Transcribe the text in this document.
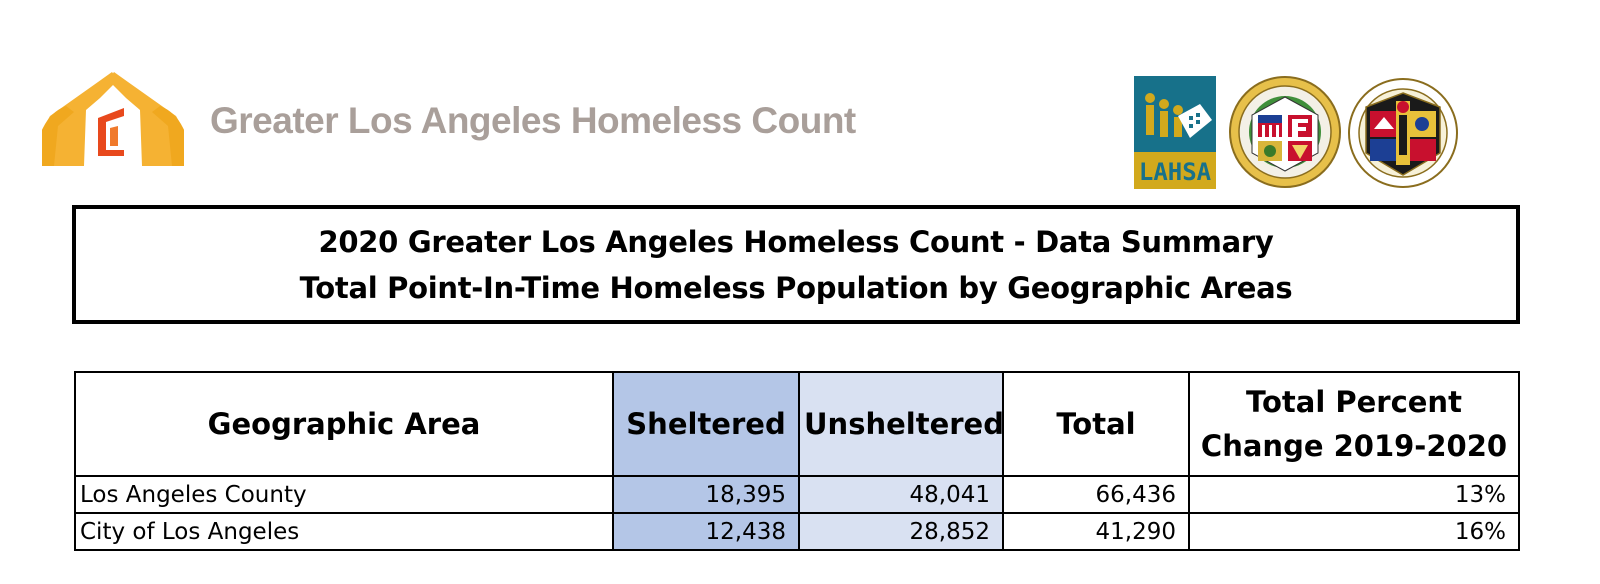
Greater Los Angeles Homeless Count
LAHSA
2020 Greater Los Angeles Homeless Count - Data Summary
Total Point-In-Time Homeless Population by Geographic Areas
Geographic Area	Sheltered	Unsheltered	Total	Total Percent
Change 2019-2020

Los Angeles County	18,395	48,041	66,436	13%
City of Los Angeles	12,438	28,852	41,290	16%
